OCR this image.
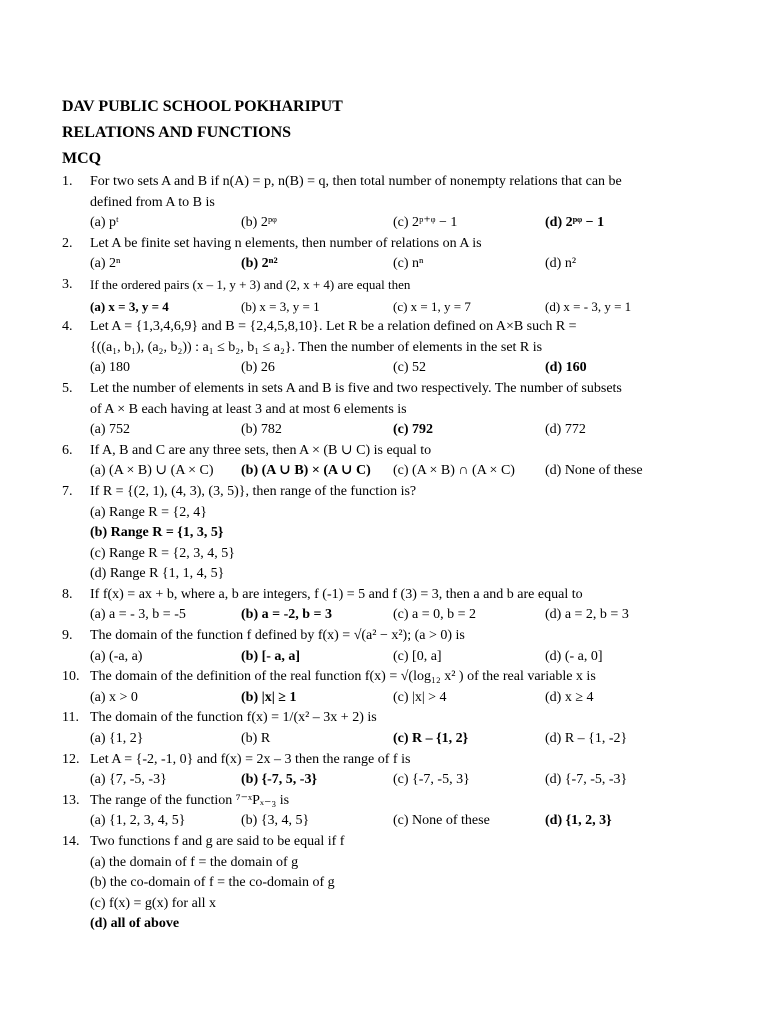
DAV PUBLIC SCHOOL POKHARIPUT
RELATIONS AND FUNCTIONS
MCQ
1. For two sets A and B if n(A) = p, n(B) = q, then total number of nonempty relations that can be
defined from A to B is
(a) pᵗ	(b) 2ᵖᵠ	(c) 2ᵖ⁺ᵠ − 1	(d) 2ᵖᵠ − 1
2. Let A be finite set having n elements, then number of relations on A is
(a) 2ⁿ	(b) 2ⁿ²	(c) nⁿ	(d) n²
3. If the ordered pairs (x – 1, y + 3) and (2, x + 4) are equal then
(a) x = 3, y = 4	(b) x = 3, y = 1	(c) x = 1, y = 7	(d) x = - 3, y = 1
4. Let A = {1,3,4,6,9} and B = {2,4,5,8,10}. Let R be a relation defined on A×B such R =
{((a₁, b₁), (a₂, b₂)) : a₁ ≤ b₂, b₁ ≤ a₂}. Then the number of elements in the set R is
(a) 180	(b) 26	(c) 52	(d) 160
5. Let the number of elements in sets A and B is five and two respectively. The number of subsets
of A × B each having at least 3 and at most 6 elements is
(a) 752	(b) 782	(c) 792	(d) 772
6. If A, B and C are any three sets, then A × (B ∪ C) is equal to
(a) (A × B) ∪ (A × C)	(b) (A ∪ B) × (A ∪ C)	(c) (A × B) ∩ (A × C)	(d) None of these
7. If R = {(2, 1), (4, 3), (3, 5)}, then range of the function is?
(a) Range R = {2, 4}
(b) Range R = {1, 3, 5}
(c) Range R = {2, 3, 4, 5}
(d) Range R {1, 1, 4, 5}
8. If f(x) = ax + b, where a, b are integers, f (-1) = 5 and f (3) = 3, then a and b are equal to
(a) a = - 3, b = -5	(b) a = -2, b = 3	(c) a = 0, b = 2	(d) a = 2, b = 3
9. The domain of the function f defined by f(x) = √(a² − x²); (a > 0) is
(a) (-a, a)	(b) [- a, a]	(c) [0, a]	(d) (- a, 0]
10. The domain of the definition of the real function f(x) = √(log₁₂ x² ) of the real variable x is
(a) x > 0	(b) |x| ≥ 1	(c) |x| > 4	(d) x ≥ 4
11. The domain of the function f(x) = 1/(x² – 3x + 2) is
(a) {1, 2}	(b) R	(c) R – {1, 2}	(d) R – {1, -2}
12. Let A = {-2, -1, 0} and f(x) = 2x – 3 then the range of f is
(a) {7, -5, -3}	(b) {-7, 5, -3}	(c) {-7, -5, 3}	(d) {-7, -5, -3}
13. The range of the function ⁷⁻ˣPₓ₋₃ is
(a) {1, 2, 3, 4, 5}	(b) {3, 4, 5}	(c) None of these	(d) {1, 2, 3}
14. Two functions f and g are said to be equal if f
(a) the domain of f = the domain of g
(b) the co-domain of f = the co-domain of g
(c) f(x) = g(x) for all x
(d) all of above
